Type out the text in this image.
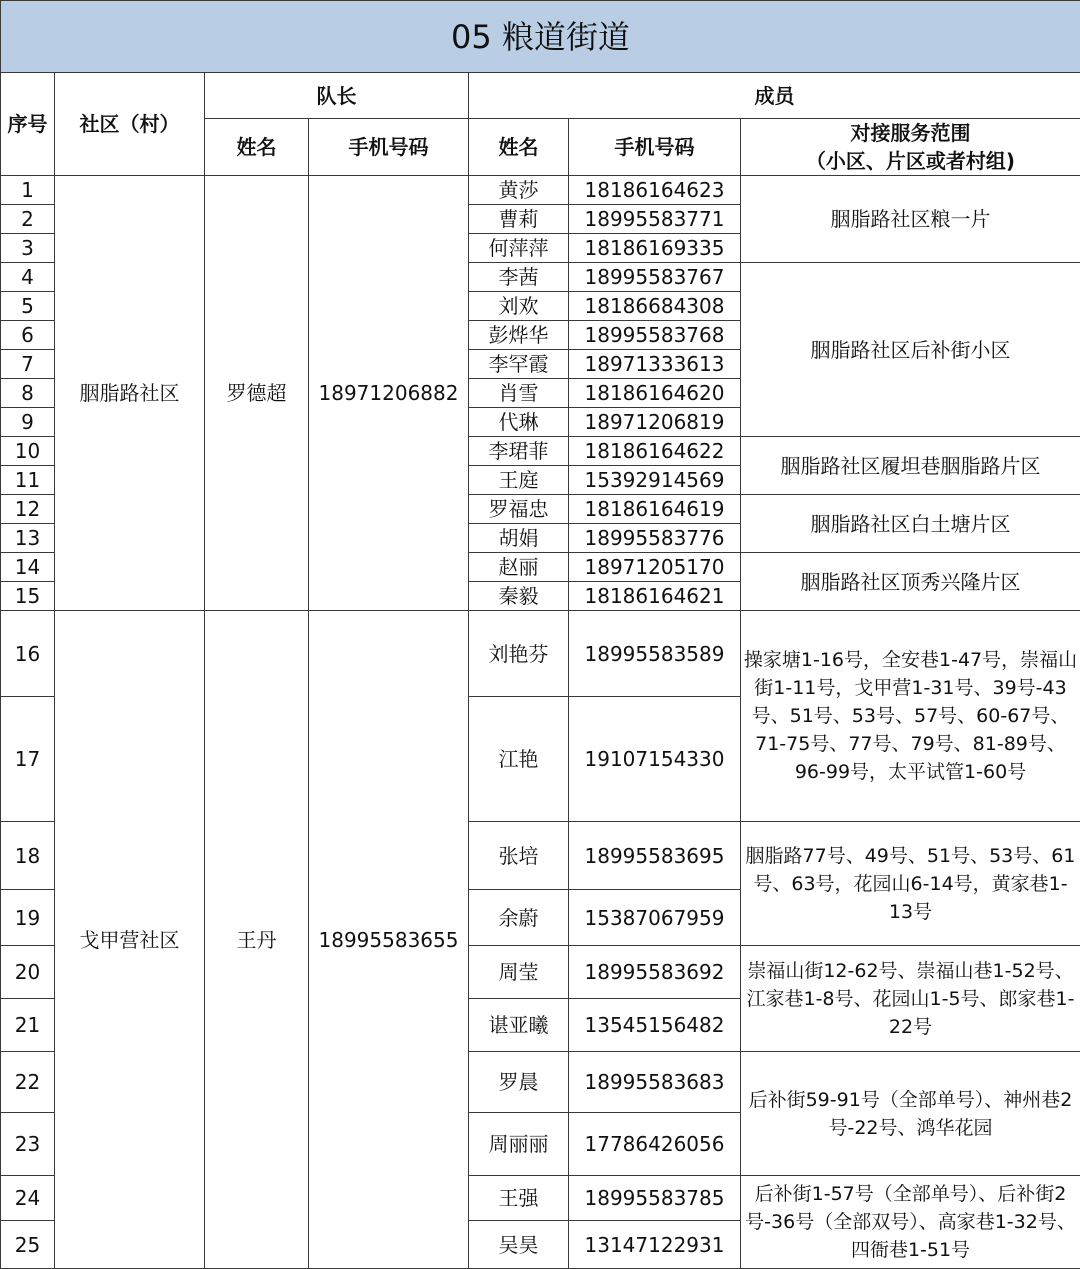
05 粮道街道						
序号	社区（村）	队长		成员		
		姓名	手机号码	姓名	手机号码	对接服务范围
（小区、片区或者村组)

1	胭脂路社区	罗德超	18971206882	黄莎	18186164623	胭脂路社区粮一片
2				曹莉	18995583771	
3				何萍萍	18186169335	
4				李茜	18995583767	胭脂路社区后补街小区
5				刘欢	18186684308	
6				彭烨华	18995583768	
7				李罕霞	18971333613	
8				肖雪	18186164620	
9				代琳	18971206819	
10				李珺菲	18186164622	胭脂路社区履坦巷胭脂路片区
11				王庭	15392914569	
12				罗福忠	18186164619	胭脂路社区白土塘片区
13				胡娟	18995583776	
14				赵丽	18971205170	胭脂路社区顶秀兴隆片区
15				秦毅	18186164621	
16	戈甲营社区	王丹	18995583655	刘艳芬	18995583589	操家塘1-16号，全安巷1-47号，崇福山街1-11号，戈甲营1-31号、39号-43号、51号、53号、57号、60-67号、71-75号、77号、79号、81-89号、96-99号，太平试管1-60号
17				江艳	19107154330	
18				张培	18995583695	胭脂路77号、49号、51号、53号、61号、63号，花园山6-14号，黄家巷1-13号
19				余蔚	15387067959	
20				周莹	18995583692	崇福山街12-62号、崇福山巷1-52号、江家巷1-8号、花园山1-5号、郎家巷1-22号
21				谌亚曦	13545156482	
22				罗晨	18995583683	后补街59-91号（全部单号）、神州巷2号-22号、鸿华花园
23				周丽丽	17786426056	
24				王强	18995583785	后补街1-57号（全部单号）、后补街2号-36号（全部双号）、高家巷1-32号、四衙巷1-51号
25				吴昊	13147122931	
